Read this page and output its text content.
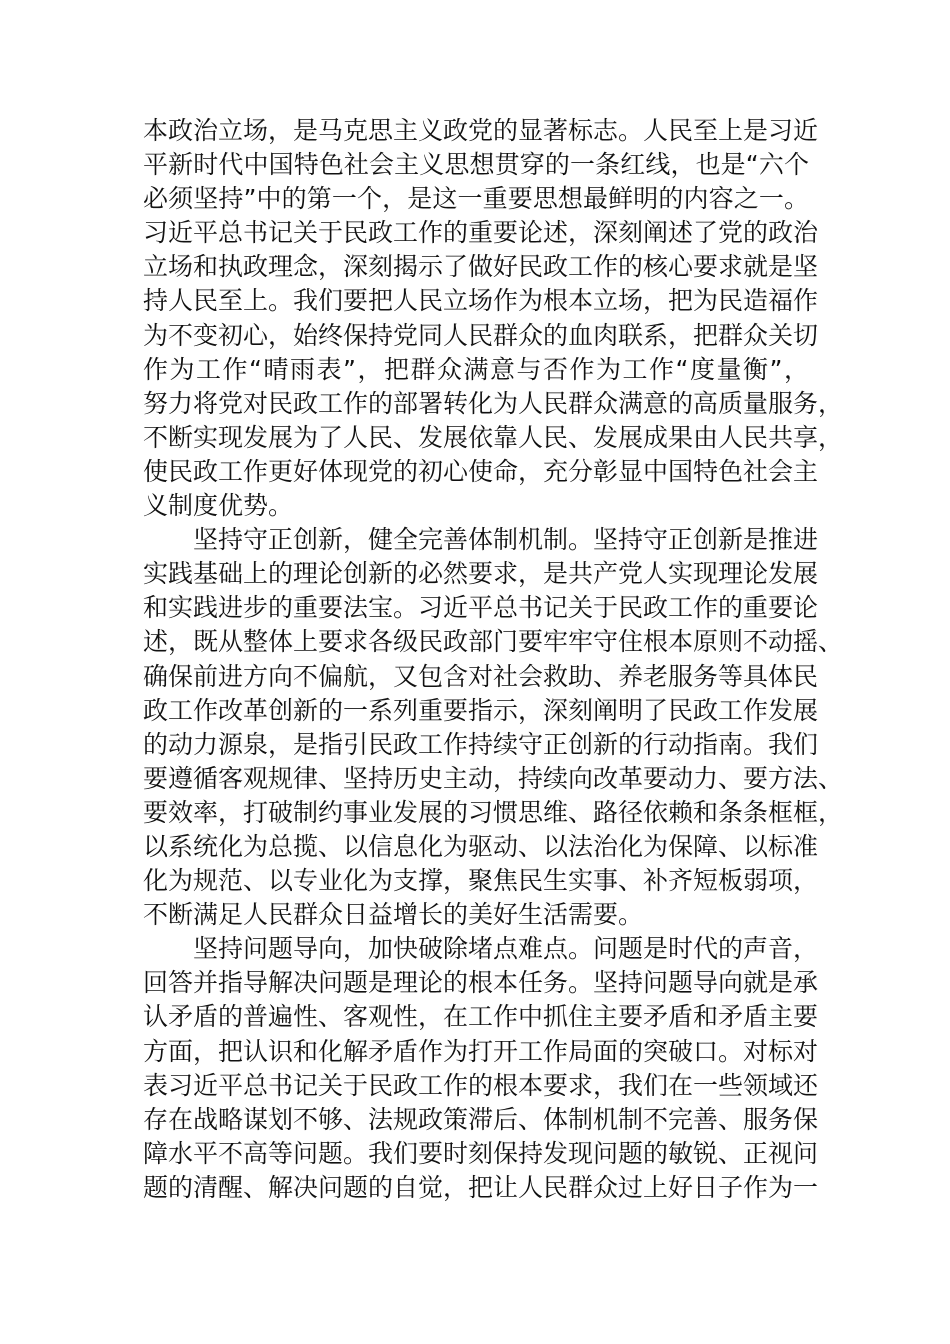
本政治立场，是马克思主义政党的显著标志。人民至上是习近
平新时代中国特色社会主义思想贯穿的一条红线，也是“六个
必须坚持”中的第一个，是这一重要思想最鲜明的内容之一。
习近平总书记关于民政工作的重要论述，深刻阐述了党的政治
立场和执政理念，深刻揭示了做好民政工作的核心要求就是坚
持人民至上。我们要把人民立场作为根本立场，把为民造福作
为不变初心，始终保持党同人民群众的血肉联系，把群众关切
作为工作“晴雨表”，把群众满意与否作为工作“度量衡”，
努力将党对民政工作的部署转化为人民群众满意的高质量服务，
不断实现发展为了人民、发展依靠人民、发展成果由人民共享，
使民政工作更好体现党的初心使命，充分彰显中国特色社会主
义制度优势。
坚持守正创新，健全完善体制机制。坚持守正创新是推进
实践基础上的理论创新的必然要求，是共产党人实现理论发展
和实践进步的重要法宝。习近平总书记关于民政工作的重要论
述，既从整体上要求各级民政部门要牢牢守住根本原则不动摇、
确保前进方向不偏航，又包含对社会救助、养老服务等具体民
政工作改革创新的一系列重要指示，深刻阐明了民政工作发展
的动力源泉，是指引民政工作持续守正创新的行动指南。我们
要遵循客观规律、坚持历史主动，持续向改革要动力、要方法、
要效率，打破制约事业发展的习惯思维、路径依赖和条条框框，
以系统化为总揽、以信息化为驱动、以法治化为保障、以标准
化为规范、以专业化为支撑，聚焦民生实事、补齐短板弱项，
不断满足人民群众日益增长的美好生活需要。
坚持问题导向，加快破除堵点难点。问题是时代的声音，
回答并指导解决问题是理论的根本任务。坚持问题导向就是承
认矛盾的普遍性、客观性，在工作中抓住主要矛盾和矛盾主要
方面，把认识和化解矛盾作为打开工作局面的突破口。对标对
表习近平总书记关于民政工作的根本要求，我们在一些领域还
存在战略谋划不够、法规政策滞后、体制机制不完善、服务保
障水平不高等问题。我们要时刻保持发现问题的敏锐、正视问
题的清醒、解决问题的自觉，把让人民群众过上好日子作为一
